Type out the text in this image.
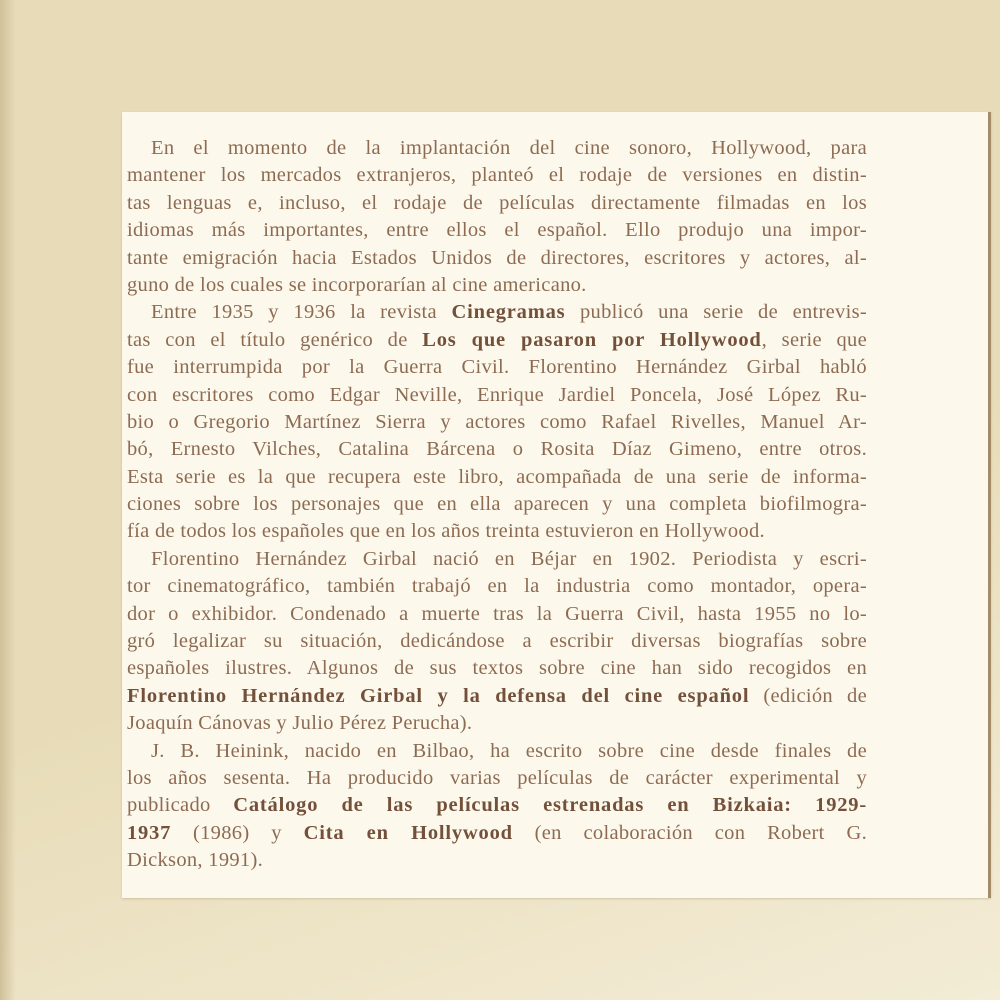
En el momento de la implantación del cine sonoro, Hollywood, para
mantener los mercados extranjeros, planteó el rodaje de versiones en distin-
tas lenguas e, incluso, el rodaje de películas directamente filmadas en los
idiomas más importantes, entre ellos el español. Ello produjo una impor-
tante emigración hacia Estados Unidos de directores, escritores y actores, al-
guno de los cuales se incorporarían al cine americano.
Entre 1935 y 1936 la revista Cinegramas publicó una serie de entrevis-
tas con el título genérico de Los que pasaron por Hollywood, serie que
fue interrumpida por la Guerra Civil. Florentino Hernández Girbal habló
con escritores como Edgar Neville, Enrique Jardiel Poncela, José López Ru-
bio o Gregorio Martínez Sierra y actores como Rafael Rivelles, Manuel Ar-
bó, Ernesto Vilches, Catalina Bárcena o Rosita Díaz Gimeno, entre otros.
Esta serie es la que recupera este libro, acompañada de una serie de informa-
ciones sobre los personajes que en ella aparecen y una completa biofilmogra-
fía de todos los españoles que en los años treinta estuvieron en Hollywood.
Florentino Hernández Girbal nació en Béjar en 1902. Periodista y escri-
tor cinematográfico, también trabajó en la industria como montador, opera-
dor o exhibidor. Condenado a muerte tras la Guerra Civil, hasta 1955 no lo-
gró legalizar su situación, dedicándose a escribir diversas biografías sobre
españoles ilustres. Algunos de sus textos sobre cine han sido recogidos en
Florentino Hernández Girbal y la defensa del cine español (edición de
Joaquín Cánovas y Julio Pérez Perucha).
J. B. Heinink, nacido en Bilbao, ha escrito sobre cine desde finales de
los años sesenta. Ha producido varias películas de carácter experimental y
publicado Catálogo de las películas estrenadas en Bizkaia: 1929-
1937 (1986) y Cita en Hollywood (en colaboración con Robert G.
Dickson, 1991).
